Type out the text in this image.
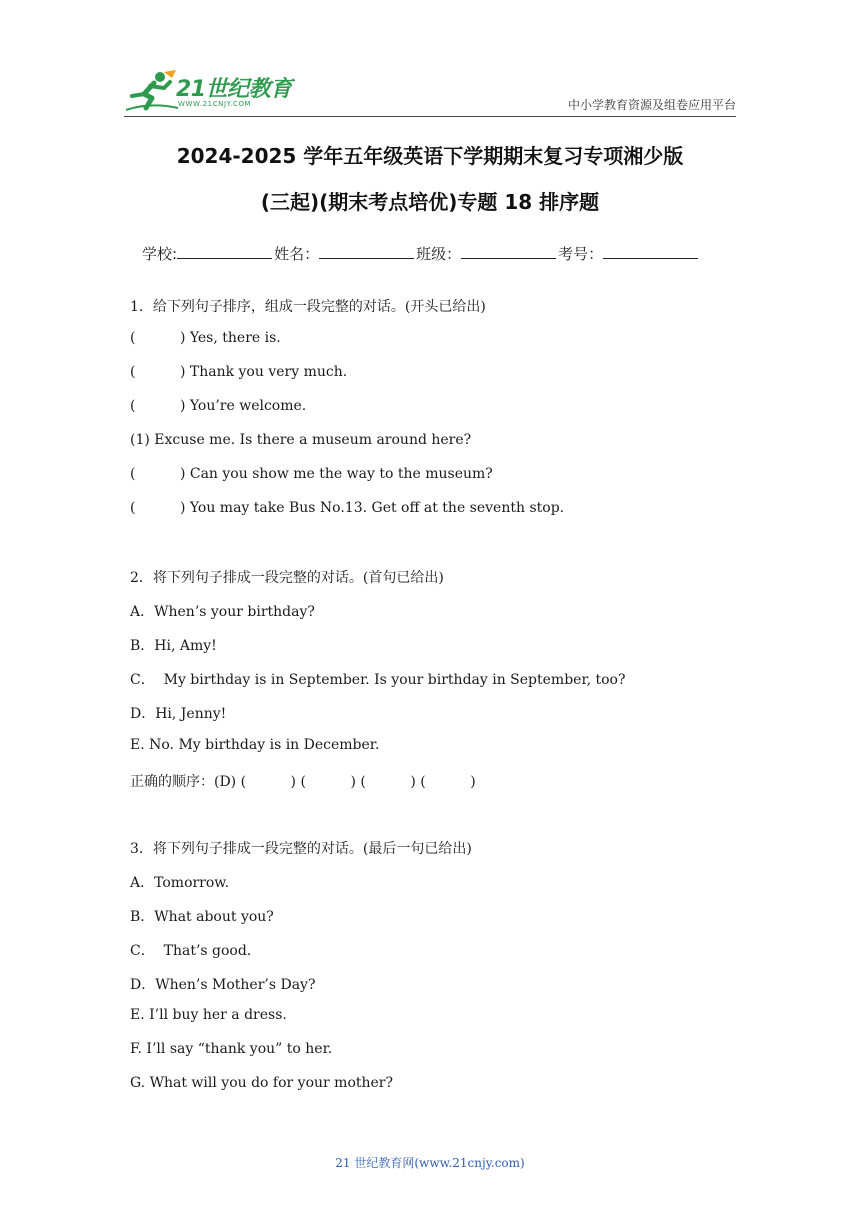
21世纪教育
WWW.21CNJY.COM	中小学教育资源及组卷应用平台
2024-2025 学年五年级英语下学期期末复习专项湘少版
(三起)(期末考点培优)专题 18 排序题
学校:	姓名：	班级：	考号：
1．给下列句子排序，组成一段完整的对话。(开头已给出)
(          ) Yes, there is.
(          ) Thank you very much.
(          ) You’re welcome.
(1) Excuse me. Is there a museum around here?
(          ) Can you show me the way to the museum?
(          ) You may take Bus No.13. Get off at the seventh stop.
2．将下列句子排成一段完整的对话。(首句已给出)
A．When’s your birthday?
B．Hi, Amy!
C．  My birthday is in September. Is your birthday in September, too?
D．Hi, Jenny!
E. No. My birthday is in December.
正确的顺序：(D) (          ) (          ) (          ) (          )
3．将下列句子排成一段完整的对话。(最后一句已给出)
A．Tomorrow.
B．What about you?
C．  That’s good.
D．When’s Mother’s Day?
E. I’ll buy her a dress.
F. I’ll say “thank you” to her.
G. What will you do for your mother?
21 世纪教育网(www.21cnjy.com)
